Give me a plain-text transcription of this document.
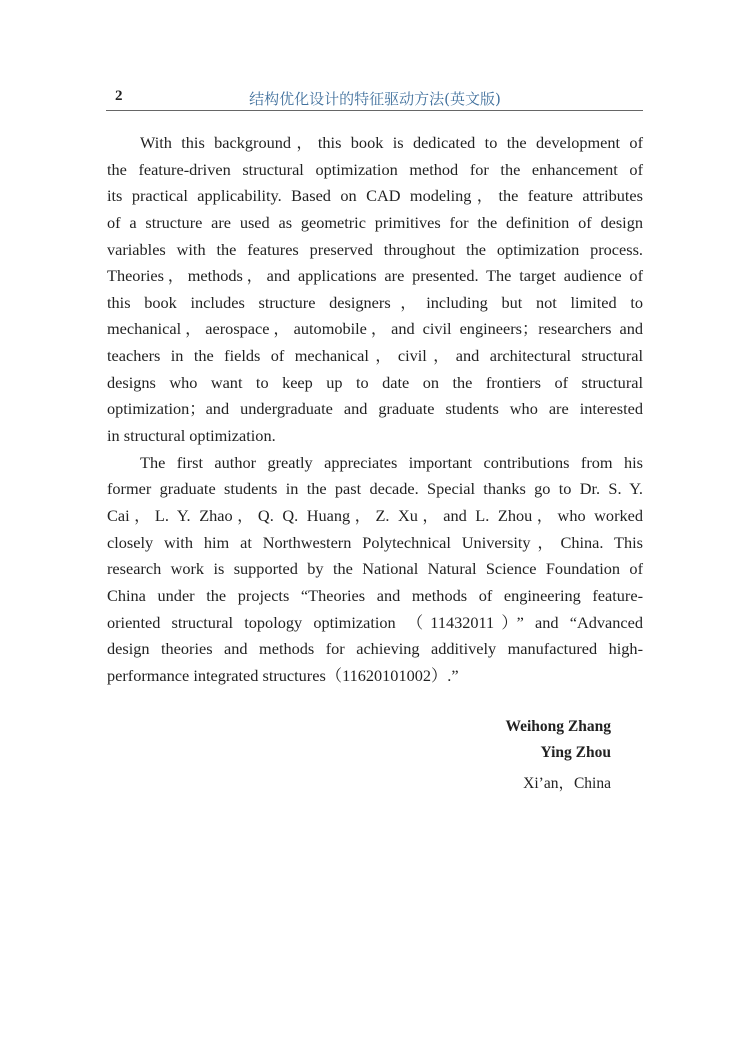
2	结构优化设计的特征驱动方法(英文版)
With this background，this book is dedicated to the development of
the feature-driven structural optimization method for the enhancement of
its practical applicability. Based on CAD modeling，the feature attributes
of a structure are used as geometric primitives for the definition of design
variables with the features preserved throughout the optimization process.
Theories，methods，and applications are presented. The target audience of
this book includes structure designers，including but not limited to
mechanical，aerospace，automobile，and civil engineers；researchers and
teachers in the fields of mechanical，civil，and architectural structural
designs who want to keep up to date on the frontiers of structural
optimization；and undergraduate and graduate students who are interested
in structural optimization.
The first author greatly appreciates important contributions from his
former graduate students in the past decade. Special thanks go to Dr. S. Y.
Cai，L. Y. Zhao，Q. Q. Huang，Z. Xu，and L. Zhou，who worked
closely with him at Northwestern Polytechnical University，China. This
research work is supported by the National Natural Science Foundation of
China under the projects “Theories and methods of engineering feature-
oriented structural topology optimization （11432011）” and “Advanced
design theories and methods for achieving additively manufactured high-
performance integrated structures（11620101002）.”
Weihong Zhang
Ying Zhou
Xi’an，China
